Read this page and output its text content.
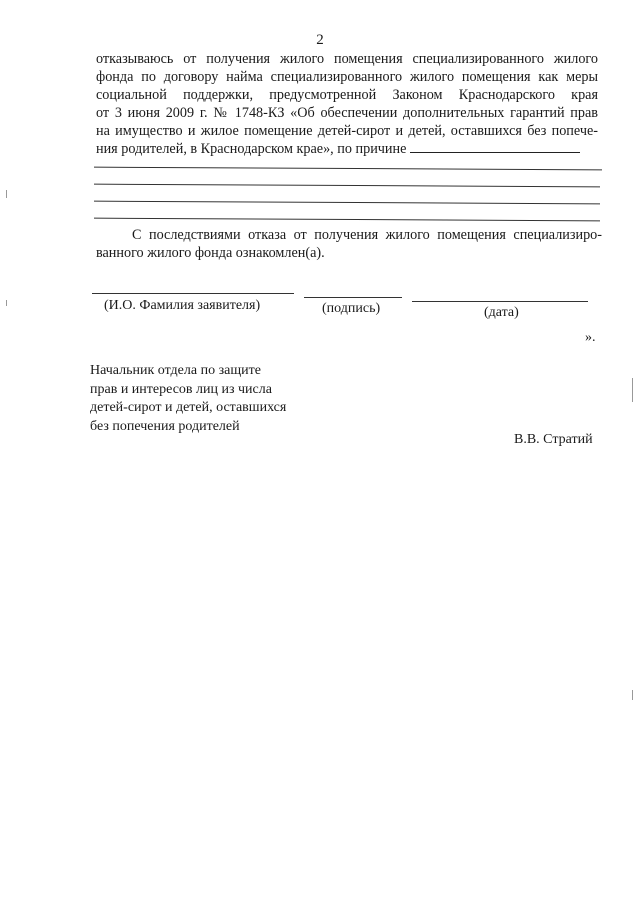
2
отказываюсь от получения жилого помещения специализированного жилого
фонда по договору найма специализированного жилого помещения как меры
социальной поддержки, предусмотренной Законом Краснодарского края
от 3 июня 2009 г. № 1748-КЗ «Об обеспечении дополнительных гарантий прав
на имущество и жилое помещение детей-сирот и детей, оставшихся без попече-
ния родителей, в Краснодарском крае», по причине
С последствиями отказа от получения жилого помещения специализиро-
ванного жилого фонда ознакомлен(а).
(И.О. Фамилия заявителя)	(подпись)	(дата)
».
Начальник отдела по защите
прав и интересов лиц из числа
детей-сирот и детей, оставшихся
без попечения родителей
В.В. Стратий
